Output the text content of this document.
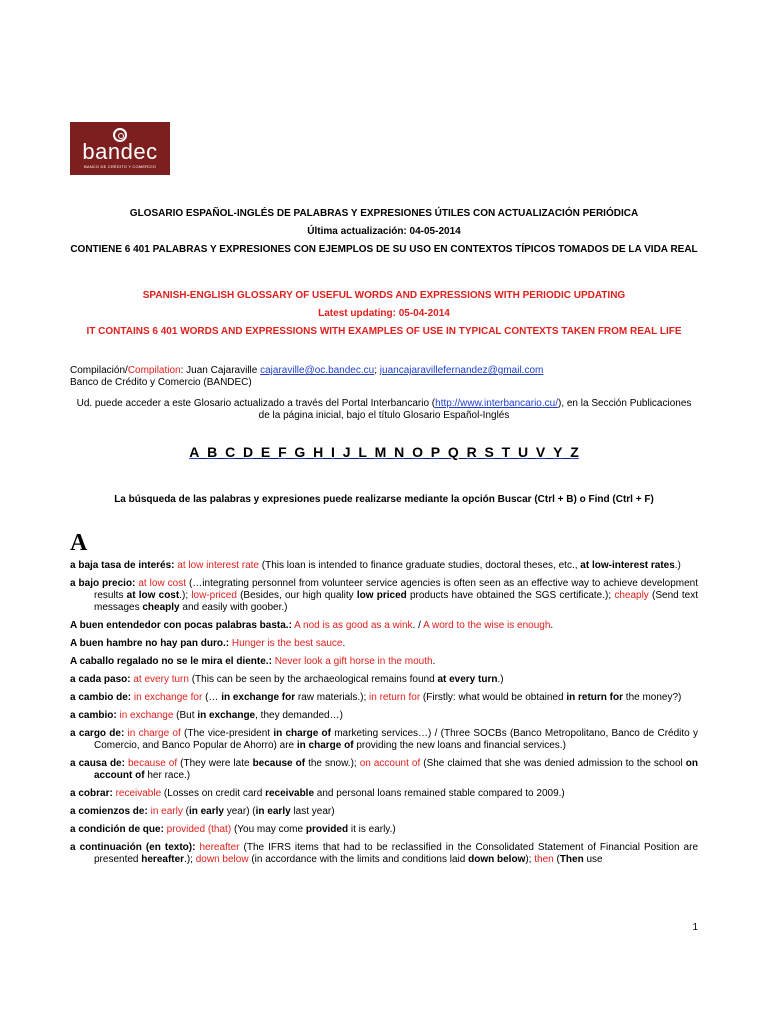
bandec
BANCO DE CRÉDITO Y COMERCIO
GLOSARIO ESPAÑOL-INGLÉS DE PALABRAS Y EXPRESIONES ÚTILES CON ACTUALIZACIÓN PERIÓDICA
Última actualización: 04-05-2014
CONTIENE 6 401 PALABRAS Y EXPRESIONES CON EJEMPLOS DE SU USO EN CONTEXTOS TÍPICOS TOMADOS DE LA VIDA REAL
SPANISH-ENGLISH GLOSSARY OF USEFUL WORDS AND EXPRESSIONS WITH PERIODIC UPDATING
Latest updating: 05-04-2014
IT CONTAINS 6 401 WORDS AND EXPRESSIONS WITH EXAMPLES OF USE IN TYPICAL CONTEXTS TAKEN FROM REAL LIFE
Compilación/Compilation: Juan Cajaraville cajaraville@oc.bandec.cu; juancajaravillefernandez@gmail.com
Banco de Crédito y Comercio (BANDEC)
Ud. puede acceder a este Glosario actualizado a través del Portal Interbancario (http://www.interbancario.cu/), en la Sección Publicaciones de la página inicial, bajo el título Glosario Español-Inglés
A_B_C_D_E_F_G_H_I_J_L_M_N_O_P_Q_R_S_T_U_V_Y_Z
La búsqueda de las palabras y expresiones puede realizarse mediante la opción Buscar (Ctrl + B) o Find (Ctrl + F)
A
a baja tasa de interés: at low interest rate (This loan is intended to finance graduate studies, doctoral theses, etc., at low-interest rates.)
a bajo precio: at low cost (…integrating personnel from volunteer service agencies is often seen as an effective way to achieve development results at low cost.); low-priced (Besides, our high quality low priced products have obtained the SGS certificate.); cheaply (Send text messages cheaply and easily with goober.)
A buen entendedor con pocas palabras basta.: A nod is as good as a wink. / A word to the wise is enough.
A buen hambre no hay pan duro.: Hunger is the best sauce.
A caballo regalado no se le mira el diente.: Never look a gift horse in the mouth.
a cada paso: at every turn (This can be seen by the archaeological remains found at every turn.)
a cambio de: in exchange for (… in exchange for raw materials.); in return for (Firstly: what would be obtained in return for the money?)
a cambio: in exchange (But in exchange, they demanded…)
a cargo de: in charge of (The vice-president in charge of marketing services…) / (Three SOCBs (Banco Metropolitano, Banco de Crédito y Comercio, and Banco Popular de Ahorro) are in charge of providing the new loans and financial services.)
a causa de: because of (They were late because of the snow.); on account of (She claimed that she was denied admission to the school on account of her race.)
a cobrar: receivable (Losses on credit card receivable and personal loans remained stable compared to 2009.)
a comienzos de: in early (in early year) (in early last year)
a condición de que: provided (that) (You may come provided it is early.)
a continuación (en texto): hereafter (The IFRS items that had to be reclassified in the Consolidated Statement of Financial Position are presented hereafter.); down below (in accordance with the limits and conditions laid down below); then (Then use
1
